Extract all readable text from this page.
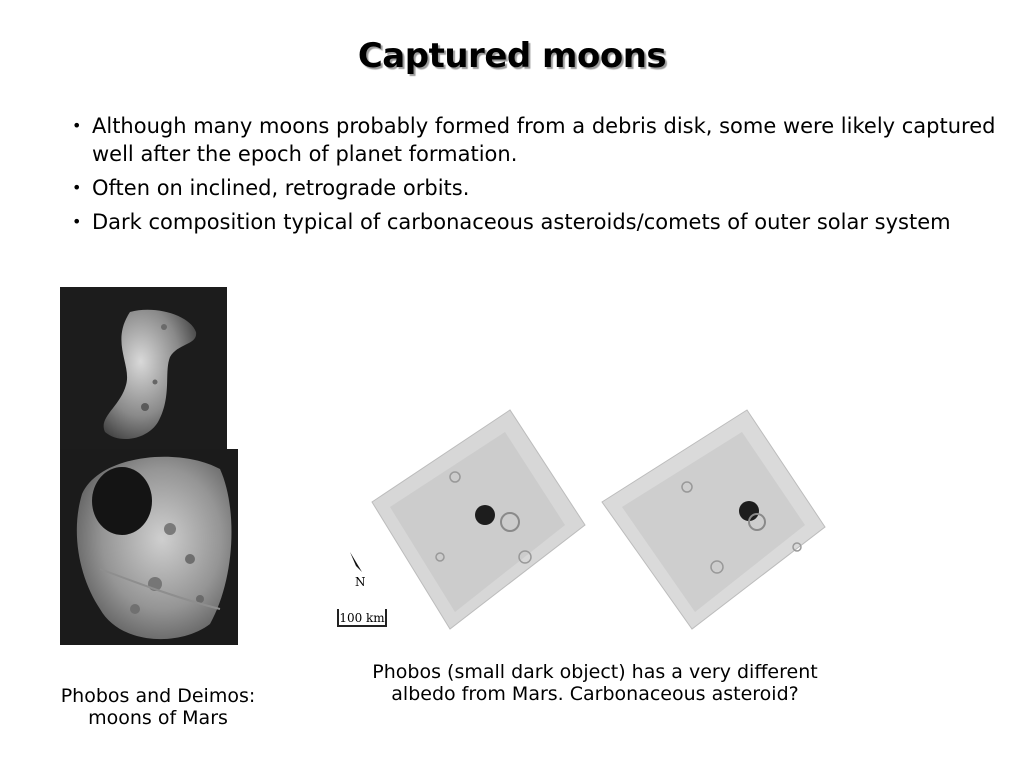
Captured moons
• Although many moons probably formed from a debris disk, some were likely captured well after the epoch of planet formation.
• Often on inclined, retrograde orbits.
• Dark composition typical of carbonaceous asteroids/comets of outer solar system
N
100 km
Phobos (small dark object) has a very different
albedo from Mars. Carbonaceous asteroid?
Phobos and Deimos:
moons of Mars
